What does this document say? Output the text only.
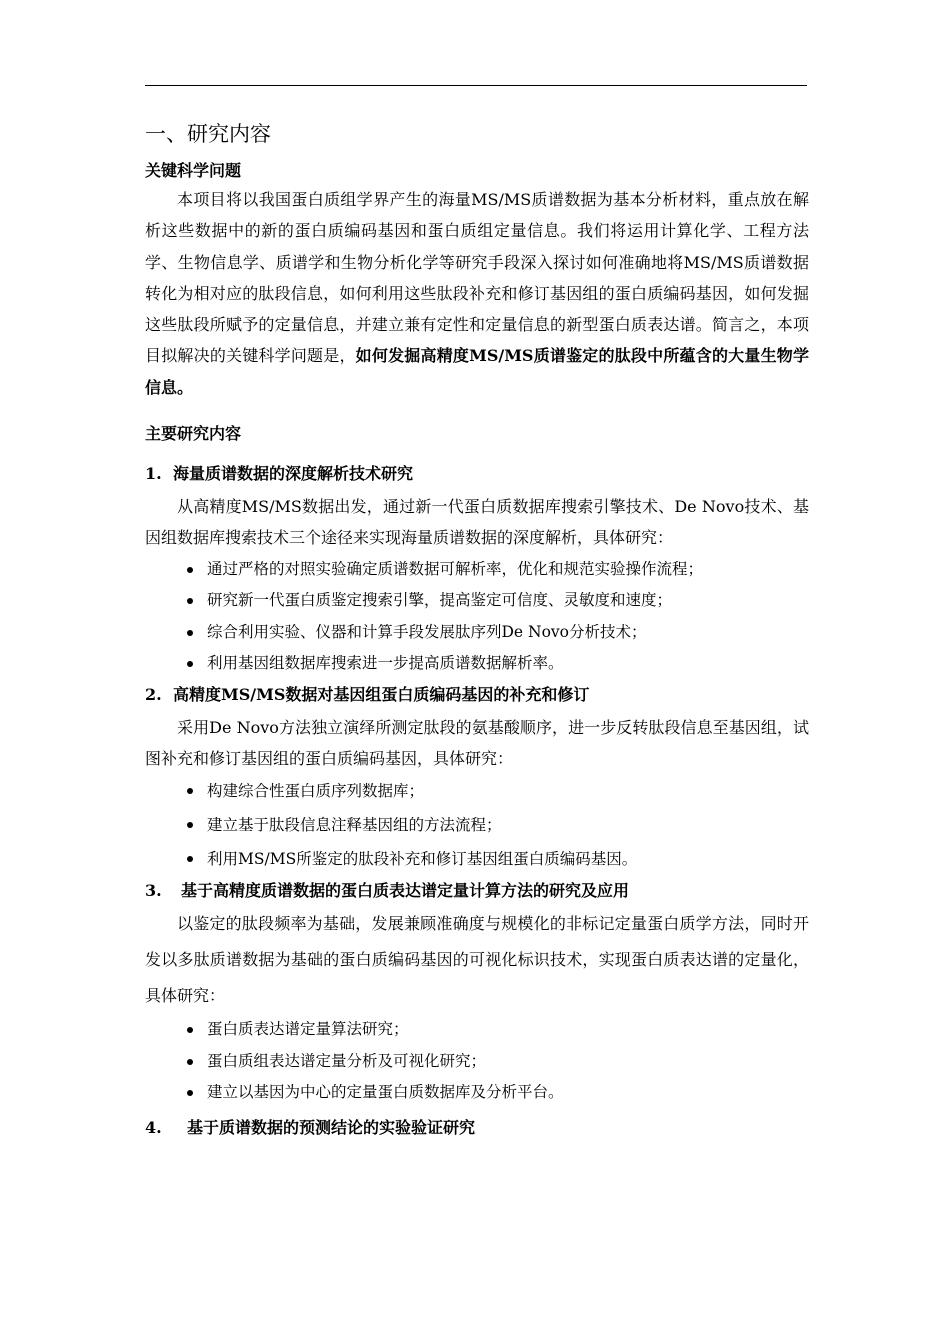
一、研究内容
关键科学问题

本项目将以我国蛋白质组学界产生的海量MS/MS质谱数据为基本分析材料，重点放在解析这些数据中的新的蛋白质编码基因和蛋白质组定量信息。我们将运用计算化学、工程方法学、生物信息学、质谱学和生物分析化学等研究手段深入探讨如何准确地将MS/MS质谱数据转化为相对应的肽段信息，如何利用这些肽段补充和修订基因组的蛋白质编码基因，如何发掘这些肽段所赋予的定量信息，并建立兼有定性和定量信息的新型蛋白质表达谱。简言之，本项目拟解决的关键科学问题是，如何发掘高精度MS/MS质谱鉴定的肽段中所蕴含的大量生物学信息。

主要研究内容
1. 海量质谱数据的深度解析技术研究

从高精度MS/MS数据出发，通过新一代蛋白质数据库搜索引擎技术、De Novo技术、基因组数据库搜索技术三个途径来实现海量质谱数据的深度解析，具体研究：

通过严格的对照实验确定质谱数据可解析率，优化和规范实验操作流程；
研究新一代蛋白质鉴定搜索引擎，提高鉴定可信度、灵敏度和速度；
综合利用实验、仪器和计算手段发展肽序列De Novo分析技术；
利用基因组数据库搜索进一步提高质谱数据解析率。
2. 高精度MS/MS数据对基因组蛋白质编码基因的补充和修订

采用De Novo方法独立演绎所测定肽段的氨基酸顺序，进一步反转肽段信息至基因组，试图补充和修订基因组的蛋白质编码基因，具体研究：

构建综合性蛋白质序列数据库；
建立基于肽段信息注释基因组的方法流程；
利用MS/MS所鉴定的肽段补充和修订基因组蛋白质编码基因。
3. 基于高精度质谱数据的蛋白质表达谱定量计算方法的研究及应用

以鉴定的肽段频率为基础，发展兼顾准确度与规模化的非标记定量蛋白质学方法，同时开发以多肽质谱数据为基础的蛋白质编码基因的可视化标识技术，实现蛋白质表达谱的定量化，具体研究：

蛋白质表达谱定量算法研究；
蛋白质组表达谱定量分析及可视化研究；
建立以基因为中心的定量蛋白质数据库及分析平台。
4. 基于质谱数据的预测结论的实验验证研究
